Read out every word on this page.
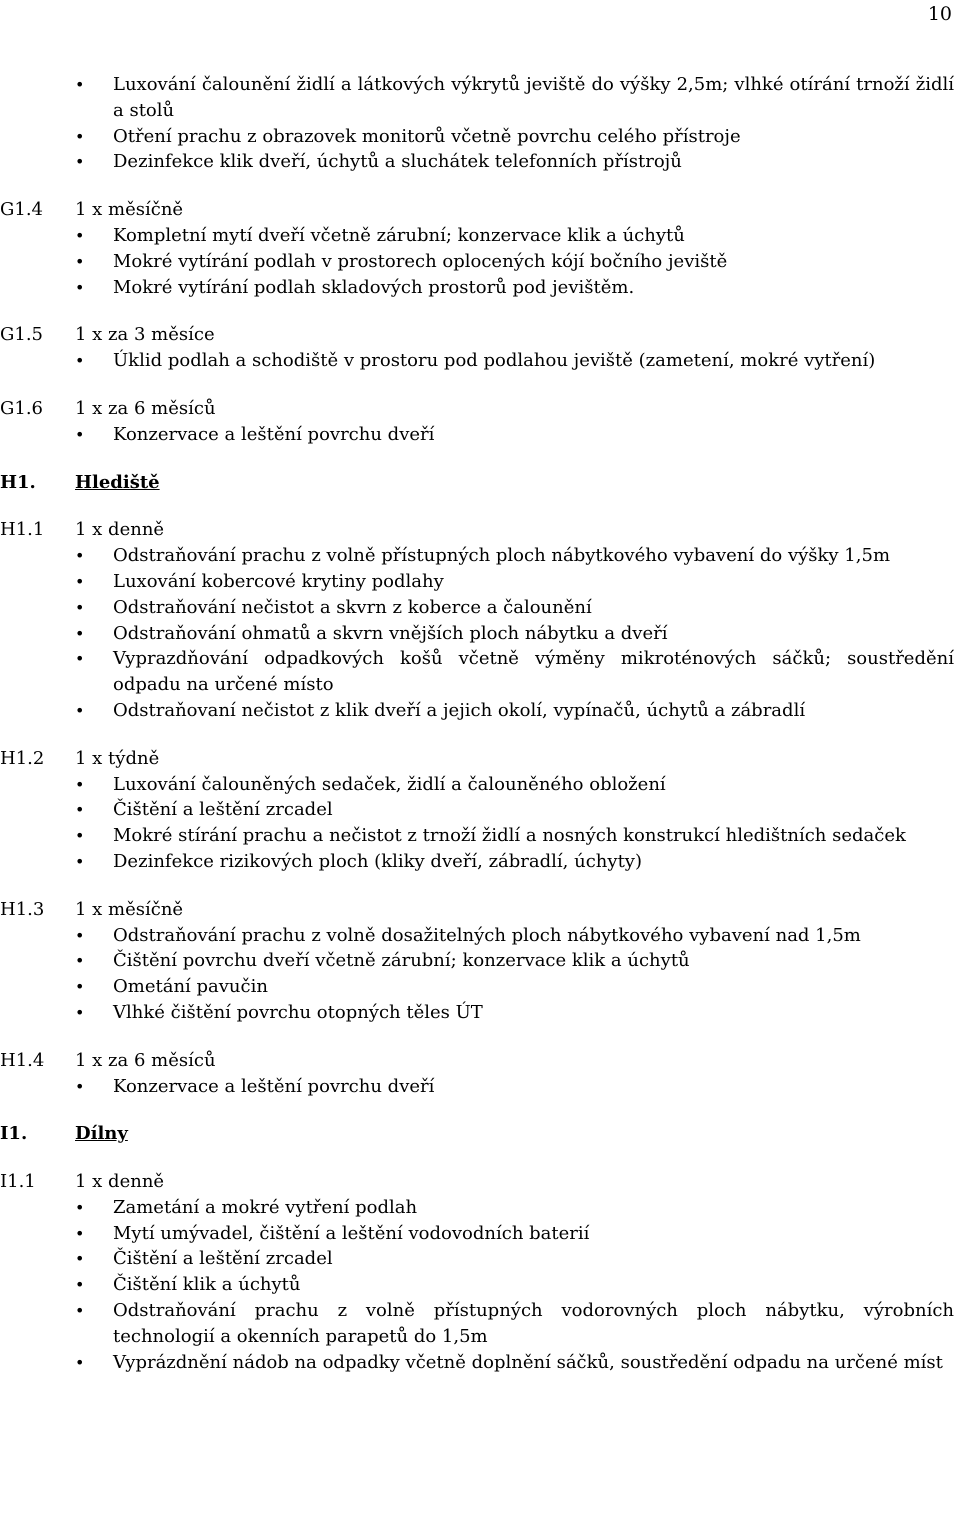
10
• Luxování čalounění židlí a látkových výkrytů jeviště do výšky 2,5m; vlhké otírání trnoží židlí a stolů
• Otření prachu z obrazovek monitorů včetně povrchu celého přístroje
• Dezinfekce klik dveří, úchytů a sluchátek telefonních přístrojů
G1.4	1 x měsíčně
• Kompletní mytí dveří včetně zárubní; konzervace klik a úchytů
• Mokré vytírání podlah v prostorech oplocených kójí bočního jeviště
• Mokré vytírání podlah skladových prostorů pod jevištěm.
G1.5	1 x za 3 měsíce
• Úklid podlah a schodiště v prostoru pod podlahou jeviště (zametení, mokré vytření)
G1.6	1 x za 6 měsíců
• Konzervace a leštění povrchu dveří
H1.	Hlediště
H1.1	1 x denně
• Odstraňování prachu z volně přístupných ploch nábytkového vybavení do výšky 1,5m
• Luxování kobercové krytiny podlahy
• Odstraňování nečistot a skvrn z koberce a čalounění
• Odstraňování ohmatů a skvrn vnějších ploch nábytku a dveří
• Vyprazdňování odpadkových košů včetně výměny mikroténových sáčků; soustředění odpadu na určené místo
• Odstraňovaní nečistot z klik dveří a jejich okolí, vypínačů, úchytů a zábradlí
H1.2	1 x týdně
• Luxování čalouněných sedaček, židlí a čalouněného obložení
• Čištění a leštění zrcadel
• Mokré stírání prachu a nečistot z trnoží židlí a nosných konstrukcí hledištních sedaček
• Dezinfekce rizikových ploch (kliky dveří, zábradlí, úchyty)
H1.3	1 x měsíčně
• Odstraňování prachu z volně dosažitelných ploch nábytkového vybavení nad 1,5m
• Čištění povrchu dveří včetně zárubní; konzervace klik a úchytů
• Ometání pavučin
• Vlhké čištění povrchu otopných těles ÚT
H1.4	1 x za 6 měsíců
• Konzervace a leštění povrchu dveří
I1.	Dílny
I1.1	1 x denně
• Zametání a mokré vytření podlah
• Mytí umývadel, čištění a leštění vodovodních baterií
• Čištění a leštění zrcadel
• Čištění klik a úchytů
• Odstraňování prachu z volně přístupných vodorovných ploch nábytku, výrobních technologií a okenních parapetů do 1,5m
• Vyprázdnění nádob na odpadky včetně doplnění sáčků, soustředění odpadu na určené míst
